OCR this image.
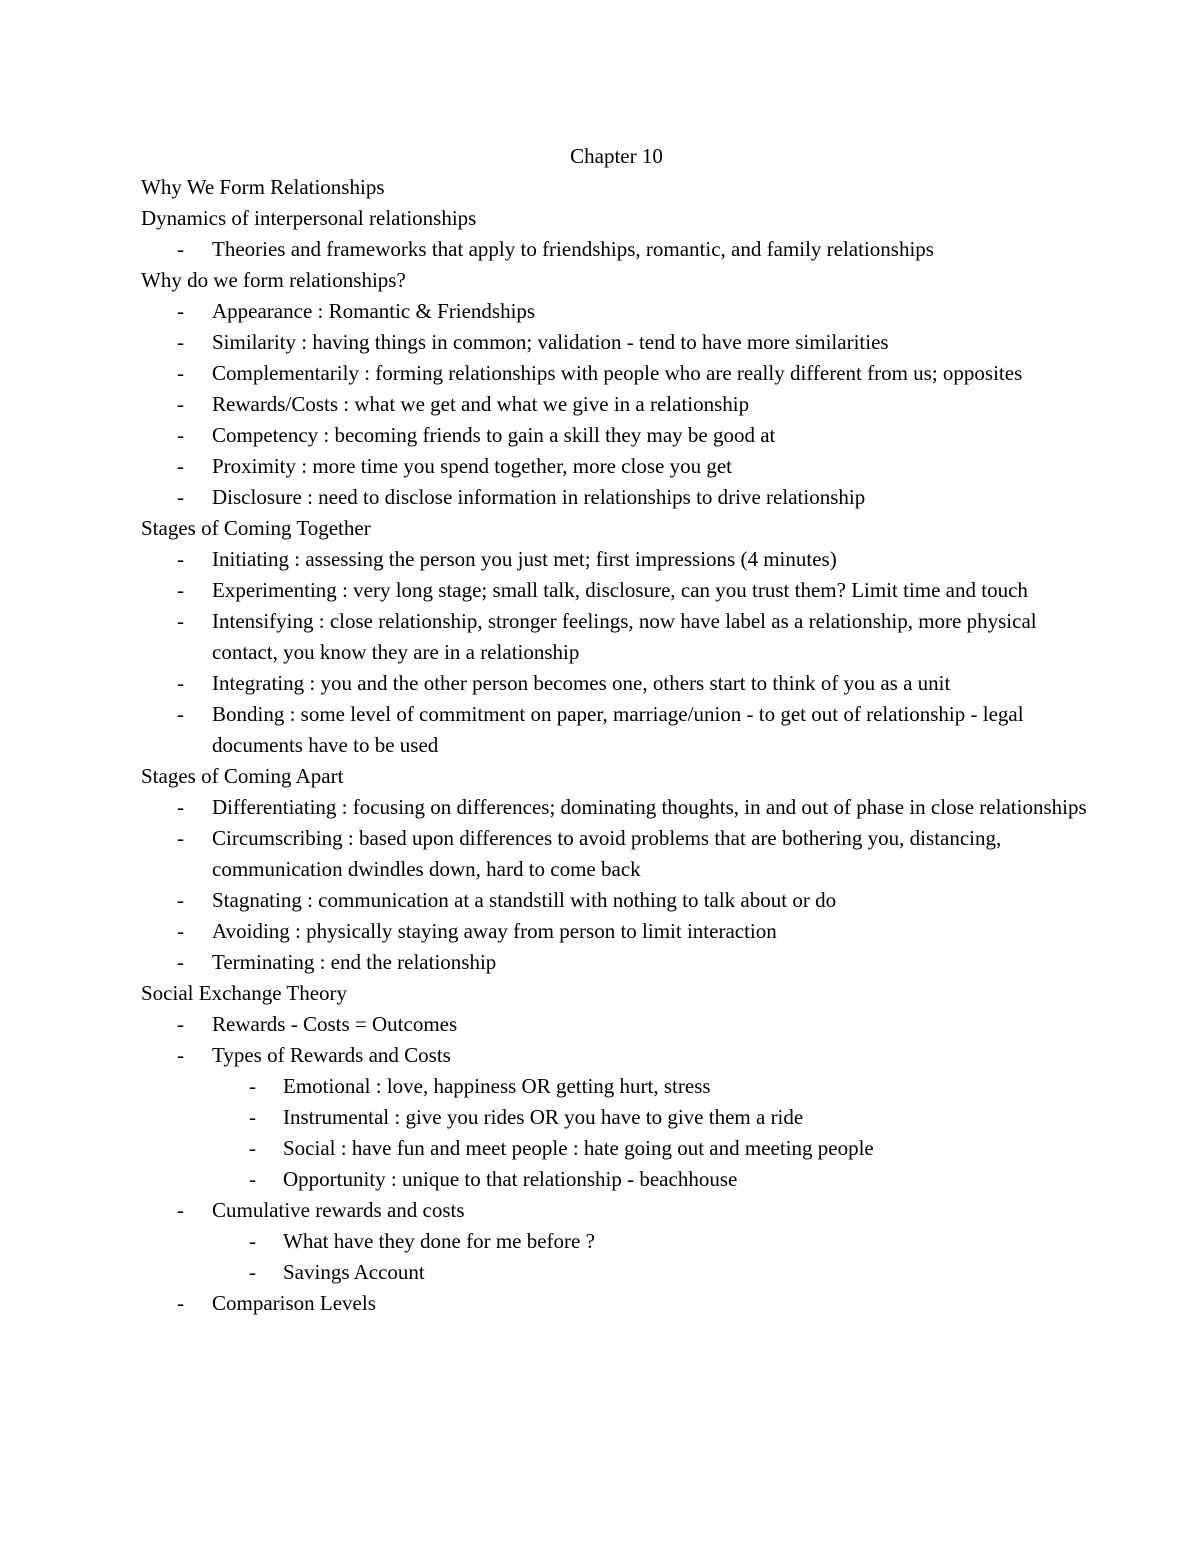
Chapter 10
Why We Form Relationships
Dynamics of interpersonal relationships
- Theories and frameworks that apply to friendships, romantic, and family relationships
Why do we form relationships?
- Appearance : Romantic & Friendships
- Similarity : having things in common; validation - tend to have more similarities
- Complementarily : forming relationships with people who are really different from us; opposites
- Rewards/Costs : what we get and what we give in a relationship
- Competency : becoming friends to gain a skill they may be good at
- Proximity : more time you spend together, more close you get
- Disclosure : need to disclose information in relationships to drive relationship
Stages of Coming Together
- Initiating : assessing the person you just met; first impressions (4 minutes)
- Experimenting : very long stage; small talk, disclosure, can you trust them? Limit time and touch
- Intensifying : close relationship, stronger feelings, now have label as a relationship, more physical contact, you know they are in a relationship
- Integrating : you and the other person becomes one, others start to think of you as a unit
- Bonding : some level of commitment on paper, marriage/union - to get out of relationship - legal documents have to be used
Stages of Coming Apart
- Differentiating : focusing on differences; dominating thoughts, in and out of phase in close relationships
- Circumscribing : based upon differences to avoid problems that are bothering you, distancing, communication dwindles down, hard to come back
- Stagnating : communication at a standstill with nothing to talk about or do
- Avoiding : physically staying away from person to limit interaction
- Terminating : end the relationship
Social Exchange Theory
- Rewards - Costs = Outcomes
- Types of Rewards and Costs
- Emotional : love, happiness OR getting hurt, stress
- Instrumental : give you rides OR you have to give them a ride
- Social : have fun and meet people : hate going out and meeting people
- Opportunity : unique to that relationship - beachhouse
- Cumulative rewards and costs
- What have they done for me before ?
- Savings Account
- Comparison Levels
